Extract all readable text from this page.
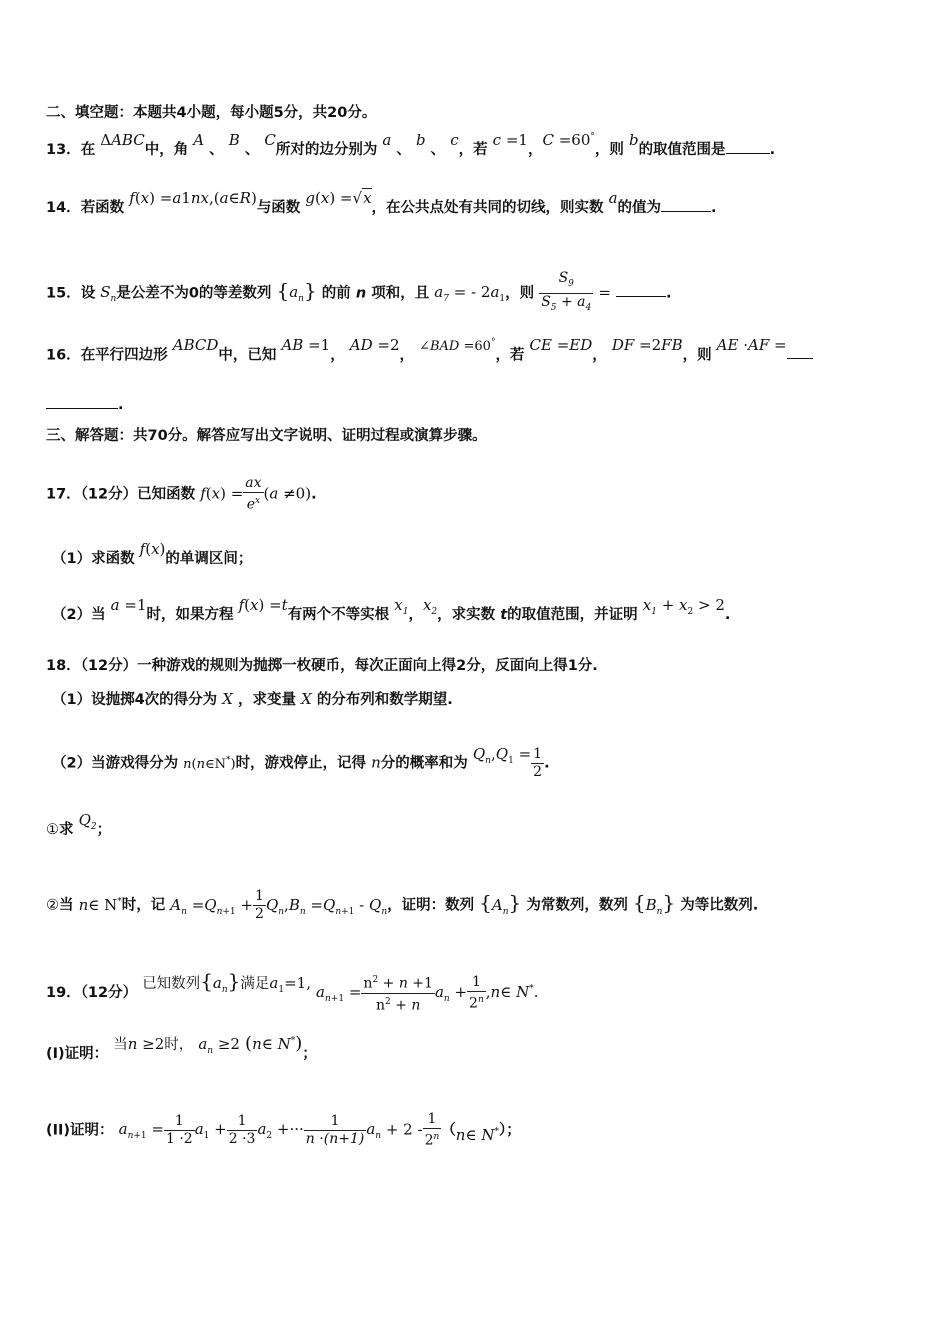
二、填空题：本题共4小题，每小题5分，共20分。
13．在 ΔABC中，角 A 、 B 、 C所对的边分别为 a 、 b 、 c，若 c =1，C =60°，则 b的取值范围是	.
14．若函数 f(x) =a1nx,(a∈R)与函数 g(x) =√x，在公共点处有共同的切线，则实数 a的值为	.
15．设 $S_n$是公差不为0的等差数列 $\{a_n\}$ 的前 n 项和，且 $a_7$ = - $2a_1$，则 $\frac{S_9}{S_5 + a_4}$ =	.
16．在平行四边形 ABCD中，已知 AB =1， AD =2， ∠BAD =60°，若 CE =ED， DF =2FB，则 AE ·AF =
.
三、解答题：共70分。解答应写出文字说明、证明过程或演算步骤。
17．（12分）已知函数 $f(x) = \frac{ax}{e^x} (a \ne 0)$.
（1）求函数 f(x)的单调区间；
（2）当 a =1时，如果方程 f(x) =t有两个不等实根 $x_1$，$x_2$，求实数 t的取值范围，并证明 $x_1 + x_2 > 2$.
18．（12分）一种游戏的规则为抛掷一枚硬币，每次正面向上得2分，反面向上得1分.
（1）设抛掷4次的得分为 X ，求变量 X 的分布列和数学期望.
（2）当游戏得分为 n(n∈N*)时，游戏停止，记得 n分的概率和为 $Q_n,Q_1 = \frac{1}{2}$ .
①求 $Q_2$；
②当 n∈ N*时，记 $A_n =Q_{n+1} + \frac{1}{2} Q_n,B_n =Q_{n+1} - Q_n$，证明：数列 $\{A_n\}$ 为常数列，数列 $\{B_n\}$ 为等比数列.
19．（12分） 已知数列$\{a_n\}$满足$a_1=1$, $a_{n+1} = \frac{n^2 + n +1}{n^2 + n} a_n + \frac{1}{2^n}$ ,n∈ N*.
(I)证明： 当n ≥2时， $a_n \ge 2$ (n∈ N*)；
(II)证明： $a_{n+1} = \frac{1}{1 \cdot 2} a_1 + \frac{1}{2 \cdot 3} a_2$ +··· $\frac{1}{n \cdot(n+1)} a_n + 2 - \frac{1}{2^n}$ （n∈ N*）；
